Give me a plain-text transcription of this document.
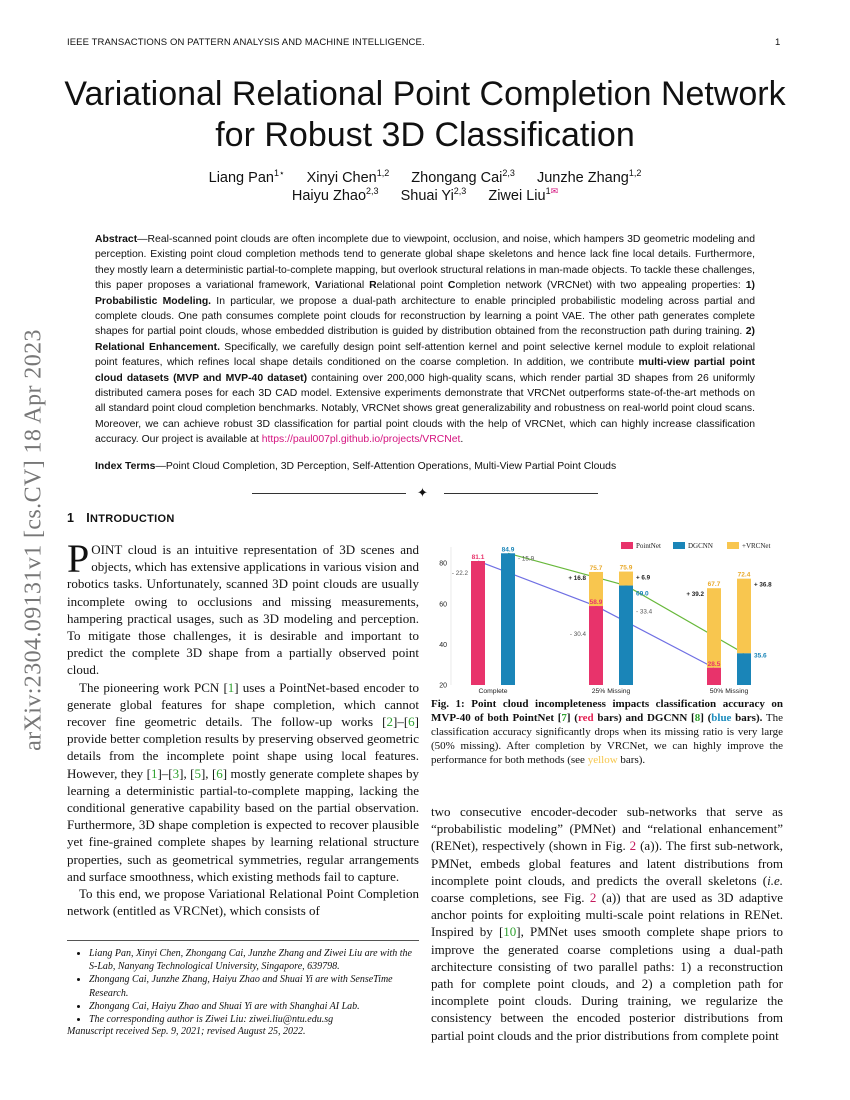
IEEE TRANSACTIONS ON PATTERN ANALYSIS AND MACHINE INTELLIGENCE.	1
Variational Relational Point Completion Network
for Robust 3D Classification
Liang Pan$^{1⋆}$ Xinyi Chen$^{1,2}$ Zhongang Cai$^{2,3}$ Junzhe Zhang$^{1,2}$
Haiyu Zhao$^{2,3}$ Shuai Yi$^{2,3}$ Ziwei Liu$^{1✉}$
Abstract—Real-scanned point clouds are often incomplete due to viewpoint, occlusion, and noise, which hampers 3D geometric modeling and perception. Existing point cloud completion methods tend to generate global shape skeletons and hence lack fine local details. Furthermore, they mostly learn a deterministic partial-to-complete mapping, but overlook structural relations in man-made objects. To tackle these challenges, this paper proposes a variational framework, Variational Relational point Completion network (VRCNet) with two appealing properties: 1) Probabilistic Modeling. In particular, we propose a dual-path architecture to enable principled probabilistic modeling across partial and complete clouds. One path consumes complete point clouds for reconstruction by learning a point VAE. The other path generates complete shapes for partial point clouds, whose embedded distribution is guided by distribution obtained from the reconstruction path during training. 2) Relational Enhancement. Specifically, we carefully design point self-attention kernel and point selective kernel module to exploit relational point features, which refines local shape details conditioned on the coarse completion. In addition, we contribute multi-view partial point cloud datasets (MVP and MVP-40 dataset) containing over 200,000 high-quality scans, which render partial 3D shapes from 26 uniformly distributed camera poses for each 3D CAD model. Extensive experiments demonstrate that VRCNet outperforms state-of-the-art methods on all standard point cloud completion benchmarks. Notably, VRCNet shows great generalizability and robustness on real-world point cloud scans. Moreover, we can achieve robust 3D classification for partial point clouds with the help of VRCNet, which can highly increase classification accuracy. Our project is available at https://paul007pl.github.io/projects/VRCNet.
Index Terms—Point Cloud Completion, 3D Perception, Self-Attention Operations, Multi-View Partial Point Clouds
✦
arXiv:2304.09131v1 [cs.CV] 18 Apr 2023 1 INTRODUCTION

POINT cloud is an intuitive representation of 3D scenes and objects, which has extensive applications in various vision and robotics tasks. Unfortunately, scanned 3D point clouds are usually incomplete owing to occlusions and missing measurements, hampering practical usages, such as 3D modeling and perception. To mitigate those challenges, it is desirable and important to predict the complete 3D shape from a partially observed point cloud.

The pioneering work PCN [1] uses a PointNet-based encoder to generate global features for shape completion, which cannot recover fine geometric details. The follow-up works [2]–[6] provide better completion results by preserving observed geometric details from the incomplete point shape using local features. However, they [1]–[3], [5], [6] mostly generate complete shapes by learning a deterministic partial-to-complete mapping, lacking the conditional generative capability based on the partial observation. Furthermore, 3D shape completion is expected to recover plausible yet fine-grained complete shapes by learning relational structure properties, such as geometrical symmetries, regular arrangements and surface smoothness, which existing methods fail to capture.

To this end, we propose Variational Relational Point Completion network (entitled as VRCNet), which consists of

• Liang Pan, Xinyi Chen, Zhongang Cai, Junzhe Zhang and Ziwei Liu are with the S-Lab, Nanyang Technological University, Singapore, 639798.
• Zhongang Cai, Junzhe Zhang, Haiyu Zhao and Shuai Yi are with SenseTime Research.
• Zhongang Cai, Haiyu Zhao and Shuai Yi are with Shanghai AI Lab.
• The corresponding author is Ziwei Liu: ziwei.liu@ntu.edu.sg
Manuscript received Sep. 9, 2021; revised August 25, 2022.
20
40
60
80
81.1
84.9
Complete
58.9
75.7	75.9
69.0
25% Missing
+ 16.8	+ 6.9
28.5
67.7
72.4
35.6
50% Missing
+ 39.2
+ 36.8
- 22.2
- 15.9
- 30.4
- 33.4
PointNet	DGCNN	+VRCNet
Fig. 1: Point cloud incompleteness impacts classification accuracy on MVP-40 of both PointNet [7] (red bars) and DGCNN [8] (blue bars). The classification accuracy significantly drops when its missing ratio is very large (50% missing). After completion by VRCNet, we can highly improve the performance for both methods (see yellow bars).

two consecutive encoder-decoder sub-networks that serve as “probabilistic modeling” (PMNet) and “relational enhancement” (RENet), respectively (shown in Fig. 2 (a)). The first sub-network, PMNet, embeds global features and latent distributions from incomplete point clouds, and predicts the overall skeletons (i.e. coarse completions, see Fig. 2 (a)) that are used as 3D adaptive anchor points for exploiting multi-scale point relations in RENet. Inspired by [10], PMNet uses smooth complete shape priors to improve the generated coarse completions using a dual-path architecture consisting of two parallel paths: 1) a reconstruction path for complete point clouds, and 2) a completion path for incomplete point clouds. During training, we regularize the consistency between the encoded posterior distributions from partial point clouds and the prior distributions from complete point
